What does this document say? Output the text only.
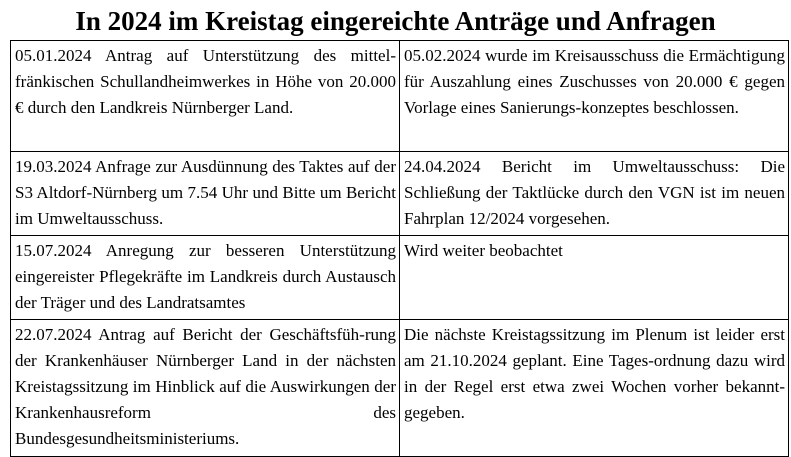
In 2024 im Kreistag eingereichte Anträge und Anfragen
05.01.2024 Antrag auf Unterstützung des mittel-fränkischen Schullandheimwerkes in Höhe von 20.000 € durch den Landkreis Nürnberger Land.	05.02.2024 wurde im Kreisausschuss die Ermächtigung für Auszahlung eines Zuschusses von 20.000 € gegen Vorlage eines Sanierungs-konzeptes beschlossen.
19.03.2024 Anfrage zur Ausdünnung des Taktes auf der S3 Altdorf-Nürnberg um 7.54 Uhr und Bitte um Bericht im Umweltausschuss.	24.04.2024 Bericht im Umweltausschuss: Die Schließung der Taktlücke durch den VGN ist im neuen Fahrplan 12/2024 vorgesehen.
15.07.2024 Anregung zur besseren Unterstützung eingereister Pflegekräfte im Landkreis durch Austausch der Träger und des Landratsamtes	Wird weiter beobachtet
22.07.2024 Antrag auf Bericht der Geschäftsfüh-rung der Krankenhäuser Nürnberger Land in der nächsten Kreistagssitzung im Hinblick auf die Auswirkungen der Krankenhausreform des Bundesgesundheitsministeriums.	Die nächste Kreistagssitzung im Plenum ist leider erst am 21.10.2024 geplant. Eine Tages-ordnung dazu wird in der Regel erst etwa zwei Wochen vorher bekannt-gegeben.
